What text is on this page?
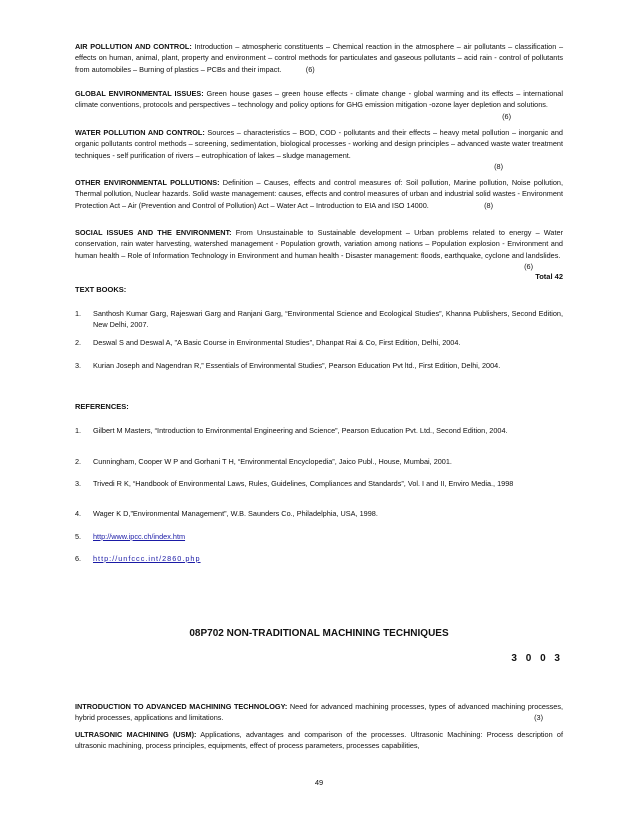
AIR POLLUTION AND CONTROL: Introduction – atmospheric constituents – Chemical reaction in the atmosphere – air pollutants – classification – effects on human, animal, plant, property and environment – control methods for particulates and gaseous pollutants – acid rain - control of pollutants from automobiles – Burning of plastics – PCBs and their impact.	(6)

GLOBAL ENVIRONMENTAL ISSUES: Green house gases – green house effects - climate change - global warming and its effects – international climate conventions, protocols and perspectives – technology and policy options for GHG emission mitigation -ozone layer depletion and solutions.
(6)

WATER POLLUTION AND CONTROL: Sources – characteristics – BOD, COD - pollutants and their effects – heavy metal pollution – inorganic and organic pollutants control methods – screening, sedimentation, biological processes - working and design principles – advanced waste water treatment techniques - self purification of rivers – eutrophication of lakes – sludge management.
(8)

OTHER ENVIRONMENTAL POLLUTIONS: Definition – Causes, effects and control measures of: Soil pollution, Marine pollution, Noise pollution, Thermal pollution, Nuclear hazards. Solid waste management: causes, effects and control measures of urban and industrial solid wastes - Environment Protection Act – Air (Prevention and Control of Pollution) Act – Water Act – Introduction to EIA and ISO 14000.	(8)

SOCIAL ISSUES AND THE ENVIRONMENT: From Unsustainable to Sustainable development – Urban problems related to energy – Water conservation, rain water harvesting, watershed management - Population growth, variation among nations – Population explosion - Environment and human health – Role of Information Technology in Environment and human health - Disaster management: floods, earthquake, cyclone and landslides.
(6)

Total 42

TEXT BOOKS:

1.	Santhosh Kumar Garg, Rajeswari Garg and Ranjani Garg, “Environmental Science and Ecological Studies”, Khanna Publishers, Second Edition, New Delhi, 2007.
2.	Deswal S and Deswal A, ”A Basic Course in Environmental Studies”, Dhanpat Rai & Co, First Edition, Delhi, 2004.
3.	Kurian Joseph and Nagendran R,” Essentials of Environmental Studies”, Pearson Education Pvt ltd., First Edition, Delhi, 2004.

REFERENCES:

1.	Gilbert M Masters, “Introduction to Environmental Engineering and Science”, Pearson Education Pvt. Ltd., Second Edition, 2004.
2.	Cunningham, Cooper W P and Gorhani T H, “Environmental Encyclopedia”, Jaico Publ., House, Mumbai, 2001.
3.	Trivedi R K, “Handbook of Environmental Laws, Rules, Guidelines, Compliances and Standards”, Vol. I and II, Enviro Media., 1998
4.	Wager K D,”Environmental Management”, W.B. Saunders Co., Philadelphia, USA, 1998.
5.	http://www.ipcc.ch/index.htm
6.	http://unfccc.int/2860.php
08P702 NON-TRADITIONAL MACHINING TECHNIQUES
3 0 0 3

INTRODUCTION TO ADVANCED MACHINING TECHNOLOGY: Need for advanced machining processes, types of advanced machining processes, hybrid processes, applications and limitations.	(3)

ULTRASONIC MACHINING (USM): Applications, advantages and comparison of the processes. Ultrasonic Machining: Process description of ultrasonic machining, process principles, equipments, effect of process parameters, processes capabilities,

49
